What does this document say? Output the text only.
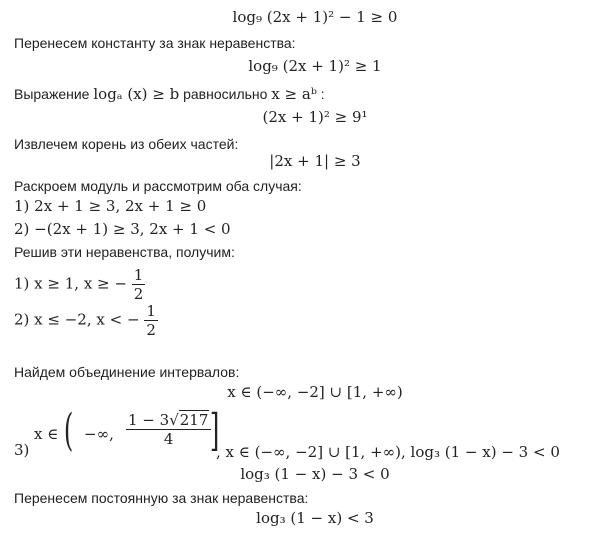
log₉ (2x + 1)² − 1 ≥ 0
Перенесем константу за знак неравенства:
log₉ (2x + 1)² ≥ 1
Выражение logₐ (x) ≥ b равносильно x ≥ aᵇ :
(2x + 1)² ≥ 9¹
Извлечем корень из обеих частей:
|2x + 1| ≥ 3
Раскроем модуль и рассмотрим оба случая:
1) 2x + 1 ≥ 3, 2x + 1 ≥ 0
2) −(2x + 1) ≥ 3, 2x + 1 < 0
Решив эти неравенства, получим:
1) x ≥ 1, x ≥ − $\frac{1}{2}$
2) x ≤ −2, x < − $\frac{1}{2}$
Найдем объединение интервалов:
x ∈ (−∞, −2] ∪ [1, +∞)
3)
x ∈ ( −∞, $\frac{1 - 3√217}{4}$
]
, x ∈ (−∞, −2] ∪ [1, +∞), log₃ (1 − x) − 3 < 0
log₃ (1 − x) − 3 < 0
Перенесем постоянную за знак неравенства:
log₃ (1 − x) < 3
